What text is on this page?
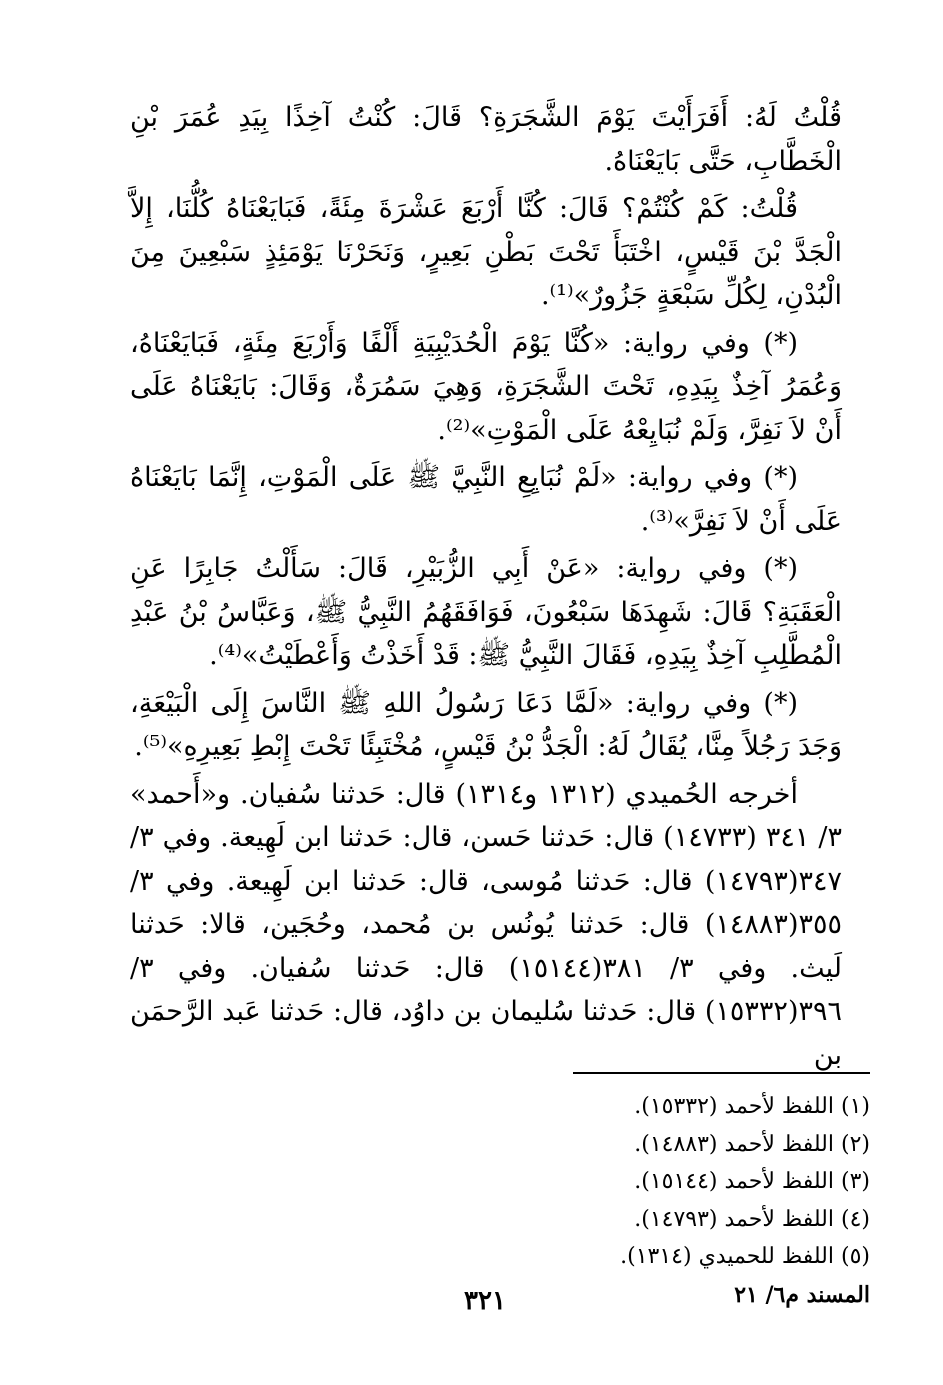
قُلْتُ لَهُ: أَفَرَأَيْتَ يَوْمَ الشَّجَرَةِ؟ قَالَ: كُنْتُ آخِذًا بِيَدِ عُمَرَ بْنِ الْخَطَّابِ، حَتَّى بَايَعْنَاهُ.

قُلْتُ: كَمْ كُنْتُمْ؟ قَالَ: كُنَّا أَرْبَعَ عَشْرَةَ مِئَةً، فَبَايَعْنَاهُ كُلُّنَا، إِلاَّ الْجَدَّ بْنَ قَيْسٍ، اخْتَبَأَ تَحْتَ بَطْنِ بَعِيرٍ، وَنَحَرْنَا يَوْمَئِذٍ سَبْعِينَ مِنَ الْبُدْنِ، لِكُلِّ سَبْعَةٍ جَزُورٌ»⁽¹⁾.

(*) وفي رواية: «كُنَّا يَوْمَ الْحُدَيْبِيَةِ أَلْفًا وَأَرْبَعَ مِئَةٍ، فَبَايَعْنَاهُ، وَعُمَرُ آخِذٌ بِيَدِهِ، تَحْتَ الشَّجَرَةِ، وَهِيَ سَمُرَةٌ، وَقَالَ: بَايَعْنَاهُ عَلَى أَنْ لاَ نَفِرَّ، وَلَمْ نُبَايِعْهُ عَلَى الْمَوْتِ»⁽²⁾.

(*) وفي رواية: «لَمْ نُبَايِعِ النَّبِيَّ ﷺ عَلَى الْمَوْتِ، إِنَّمَا بَايَعْنَاهُ عَلَى أَنْ لاَ نَفِرَّ»⁽³⁾.

(*) وفي رواية: «عَنْ أَبِي الزُّبَيْرِ، قَالَ: سَأَلْتُ جَابِرًا عَنِ الْعَقَبَةِ؟ قَالَ: شَهِدَهَا سَبْعُونَ، فَوَافَقَهُمُ النَّبِيُّ ﷺ، وَعَبَّاسُ بْنُ عَبْدِ الْمُطَّلِبِ آخِذٌ بِيَدِهِ، فَقَالَ النَّبِيُّ ﷺ: قَدْ أَخَذْتُ وَأَعْطَيْتُ»⁽⁴⁾.

(*) وفي رواية: «لَمَّا دَعَا رَسُولُ اللهِ ﷺ النَّاسَ إِلَى الْبَيْعَةِ، وَجَدَ رَجُلاً مِنَّا، يُقَالُ لَهُ: الْجَدُّ بْنُ قَيْسٍ، مُخْتَبِئًا تَحْتَ إِبْطِ بَعِيرِهِ»⁽⁵⁾.

أخرجه الحُميدي (١٣١٢ و١٣١٤) قال: حَدثنا سُفيان. و«أَحمد» ٣/ ٣٤١ (١٤٧٣٣) قال: حَدثنا حَسن، قال: حَدثنا ابن لَهِيعة. وفي ٣/ ٣٤٧(١٤٧٩٣) قال: حَدثنا مُوسى، قال: حَدثنا ابن لَهِيعة. وفي ٣/ ٣٥٥(١٤٨٨٣) قال: حَدثنا يُونُس بن مُحمد، وحُجَين، قالا: حَدثنا لَيث. وفي ٣/ ٣٨١(١٥١٤٤) قال: حَدثنا سُفيان. وفي ٣/ ٣٩٦(١٥٣٣٢) قال: حَدثنا سُليمان بن داوُد، قال: حَدثنا عَبد الرَّحمَن بن

(١) اللفظ لأحمد (١٥٣٣٢).

(٢) اللفظ لأحمد (١٤٨٨٣).

(٣) اللفظ لأحمد (١٥١٤٤).

(٤) اللفظ لأحمد (١٤٧٩٣).

(٥) اللفظ للحميدي (١٣١٤).

المسند م٦/ ٢١
٣٢١
